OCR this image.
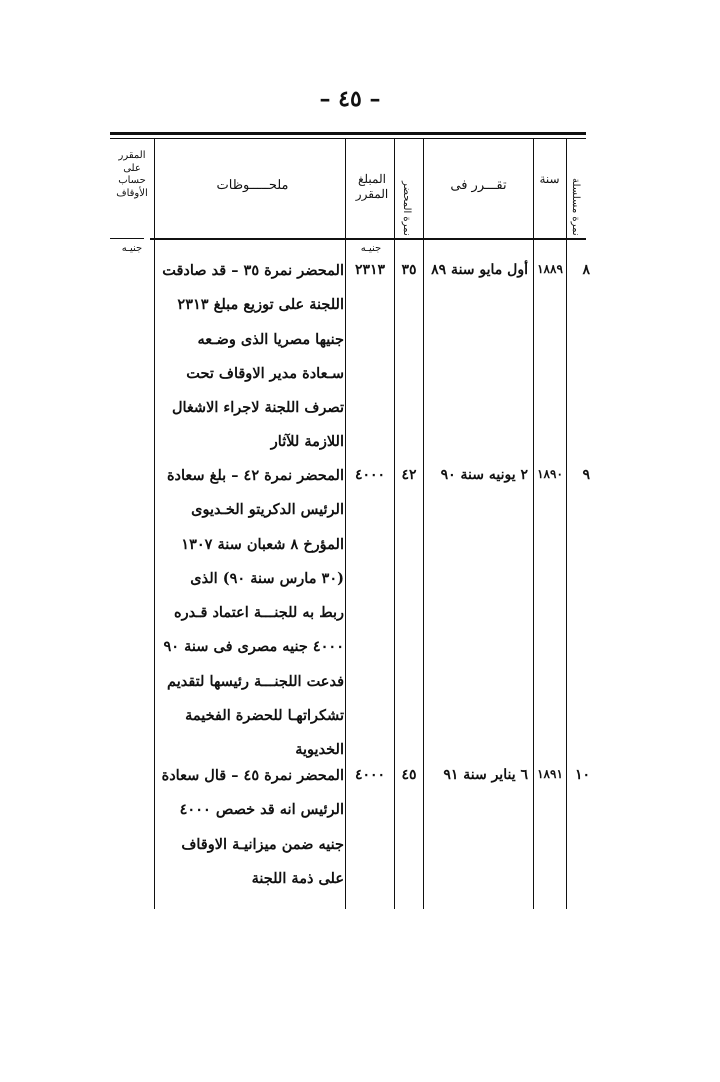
– ٤٥ –
نمرة مسلسلة
سنة
تقـــرر فى
نمرة المحضر
المبلغ المقرر
ملحـــــوظات
المقرر على حساب الأوقاف
جنيـه
جنيـه
٨
١٨٨٩
أول مايو سنة ٨٩
٣٥
٢٣١٣
المحضر نمرة ٣٥ – قد صادقت
اللجنة على توزيع مبلغ ٢٣١٣
جنيها مصريا الذى وضـعه
سـعادة مدير الاوقاف تحت
تصرف اللجنة لاجراء الاشغال
اللازمة للآثار
٩
١٨٩٠
٢ يونيه سنة ٩٠
٤٢
٤٠٠٠
المحضر نمرة ٤٢ – بلغ سعادة
الرئيس الدكريتو الخـديوى
المؤرخ ٨ شعبان سنة ١٣٠٧
(٣٠ مارس سنة ٩٠) الذى
ربط به للجنـــة اعتماد قـدره
٤٠٠٠ جنيه مصرى فى سنة ٩٠
فدعت اللجنـــة رئيسها لتقديم
تشكراتهـا للحضرة الفخيمة
الخديوية
١٠
١٨٩١
٦ يناير سنة ٩١
٤٥
٤٠٠٠
المحضر نمرة ٤٥ – قال سعادة
الرئيس انه قد خصص ٤٠٠٠
جنيه ضمن ميزانيـة الاوقاف
على ذمة اللجنة
